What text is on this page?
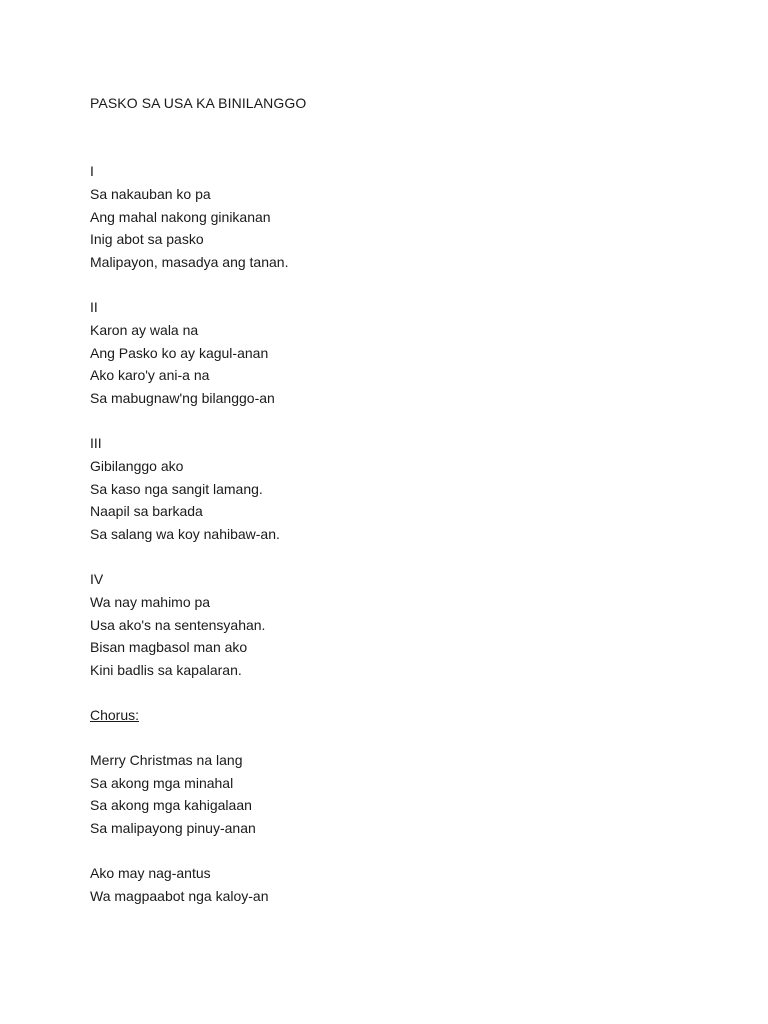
PASKO SA USA KA BINILANGGO
I
Sa nakauban ko pa
Ang mahal nakong ginikanan
Inig abot sa pasko
Malipayon, masadya ang tanan.
II
Karon ay wala na
Ang Pasko ko ay kagul-anan
Ako karo'y ani-a na
Sa mabugnaw'ng bilanggo-an
III
Gibilanggo ako
Sa kaso nga sangit lamang.
Naapil sa barkada
Sa salang wa koy nahibaw-an.
IV
Wa nay mahimo pa
Usa ako's na sentensyahan.
Bisan magbasol man ako
Kini badlis sa kapalaran.
Chorus:
Merry Christmas na lang
Sa akong mga minahal
Sa akong mga kahigalaan
Sa malipayong pinuy-anan
Ako may nag-antus
Wa magpaabot nga kaloy-an
